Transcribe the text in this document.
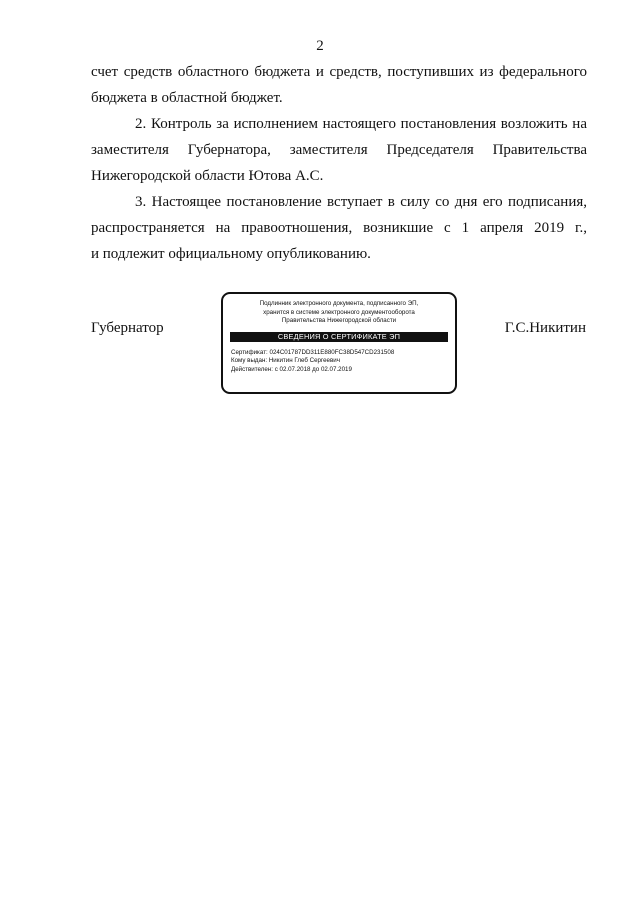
2
счет средств областного бюджета и средств, поступивших из федерального
бюджета в областной бюджет.
2. Контроль за исполнением настоящего постановления возложить на
заместителя Губернатора, заместителя Председателя Правительства
Нижегородской области Ютова А.С.
3. Настоящее постановление вступает в силу со дня его подписания,
распространяется на правоотношения, возникшие с 1 апреля 2019 г.,
и подлежит официальному опубликованию.
Губернатор
Подлинник электронного документа, подписанного ЭП,
хранится в системе электронного документооборота
Правительства Нижегородской области
СВЕДЕНИЯ О СЕРТИФИКАТЕ ЭП
Сертификат: 024C01787DD311E880FC38D547CD231508
Кому выдан: Никитин Глеб Сергеевич
Действителен: с 02.07.2018 до 02.07.2019
Г.С.Никитин
